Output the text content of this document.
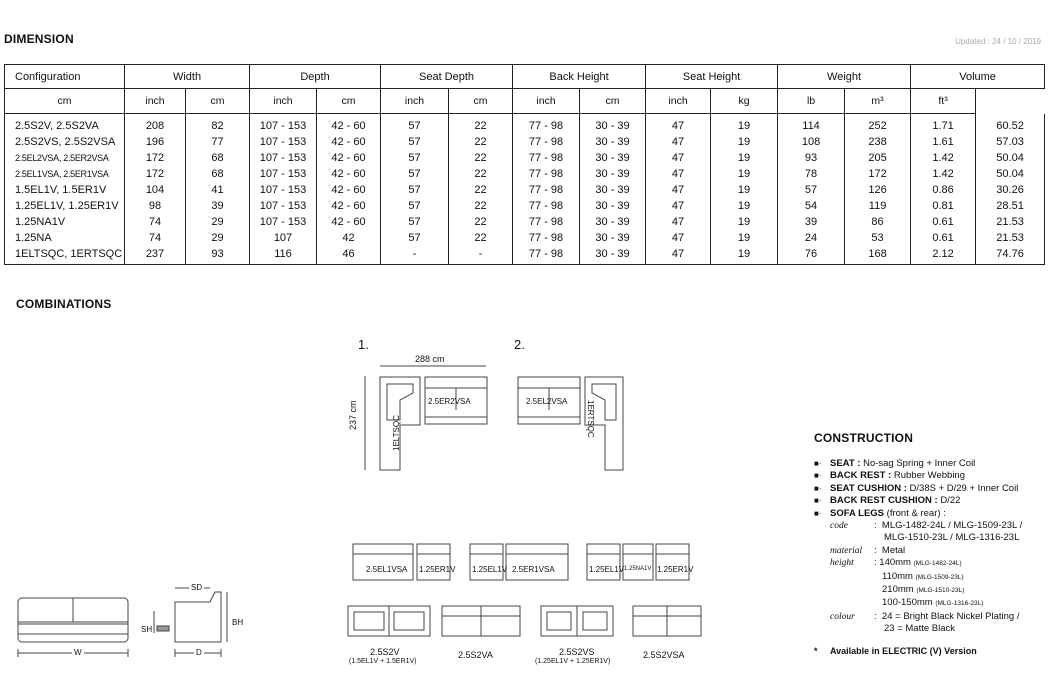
DIMENSION	Updated : 24 / 10 / 2019
Configuration	Width		Depth		Seat Depth		Back Height		Seat Height		Weight		Volume	
cm	inch	cm	inch	cm	inch	cm	inch	cm	inch	kg	lb	m³	ft³	
2.5S2V, 2.5S2VA	208	82	107 - 153	42 - 60	57	22	77 - 98	30 - 39	47	19	114	252	1.71	60.52
2.5S2VS, 2.5S2VSA	196	77	107 - 153	42 - 60	57	22	77 - 98	30 - 39	47	19	108	238	1.61	57.03
2.5EL2VSA, 2.5ER2VSA	172	68	107 - 153	42 - 60	57	22	77 - 98	30 - 39	47	19	93	205	1.42	50.04
2.5EL1VSA, 2.5ER1VSA	172	68	107 - 153	42 - 60	57	22	77 - 98	30 - 39	47	19	78	172	1.42	50.04
1.5EL1V, 1.5ER1V	104	41	107 - 153	42 - 60	57	22	77 - 98	30 - 39	47	19	57	126	0.86	30.26
1.25EL1V, 1.25ER1V	98	39	107 - 153	42 - 60	57	22	77 - 98	30 - 39	47	19	54	119	0.81	28.51
1.25NA1V	74	29	107 - 153	42 - 60	57	22	77 - 98	30 - 39	47	19	39	86	0.61	21.53
1.25NA	74	29	107	42	57	22	77 - 98	30 - 39	47	19	24	53	0.61	21.53
1ELTSQC, 1ERTSQC	237	93	116	46	-	-	77 - 98	30 - 39	47	19	76	168	2.12	74.76
COMBINATIONS
W	D
SD
SH
BH
1.
288 cm
237 cm	1ELTSQC
2.5ER2VSA
2.
2.5EL2VSA 1ERTSQC
2.5EL1VSA 1.25ER1V 1.25EL1V 2.5ER1VSA	1.25EL1V 1.25NA1V 1.25ER1V
2.5S2V
(1.5EL1V + 1.5ER1V)
2.5S2VA	2.5S2VS
(1.25EL1V + 1.25ER1V)
2.5S2VSA
CONSTRUCTION
■· SEAT : No-sag Spring + Inner Coil
■· BACK REST : Rubber Webbing
■· SEAT CUSHION : D/38S + D/29 + Inner Coil
■· BACK REST CUSHION : D/22
■· SOFA LEGS (front & rear) :
code	:  MLG-1482-24L / MLG-1509-23L /
MLG-1510-23L / MLG-1316-23L
material :  Metal
height : 140mm (MLG-1482-24L)
110mm (MLG-1509-23L)
210mm (MLG-1510-23L)
100-150mm (MLG-1316-23L)
colour :  24 = Bright Black Nickel Plating /
23 = Matte Black
* Available in ELECTRIC (V) Version
